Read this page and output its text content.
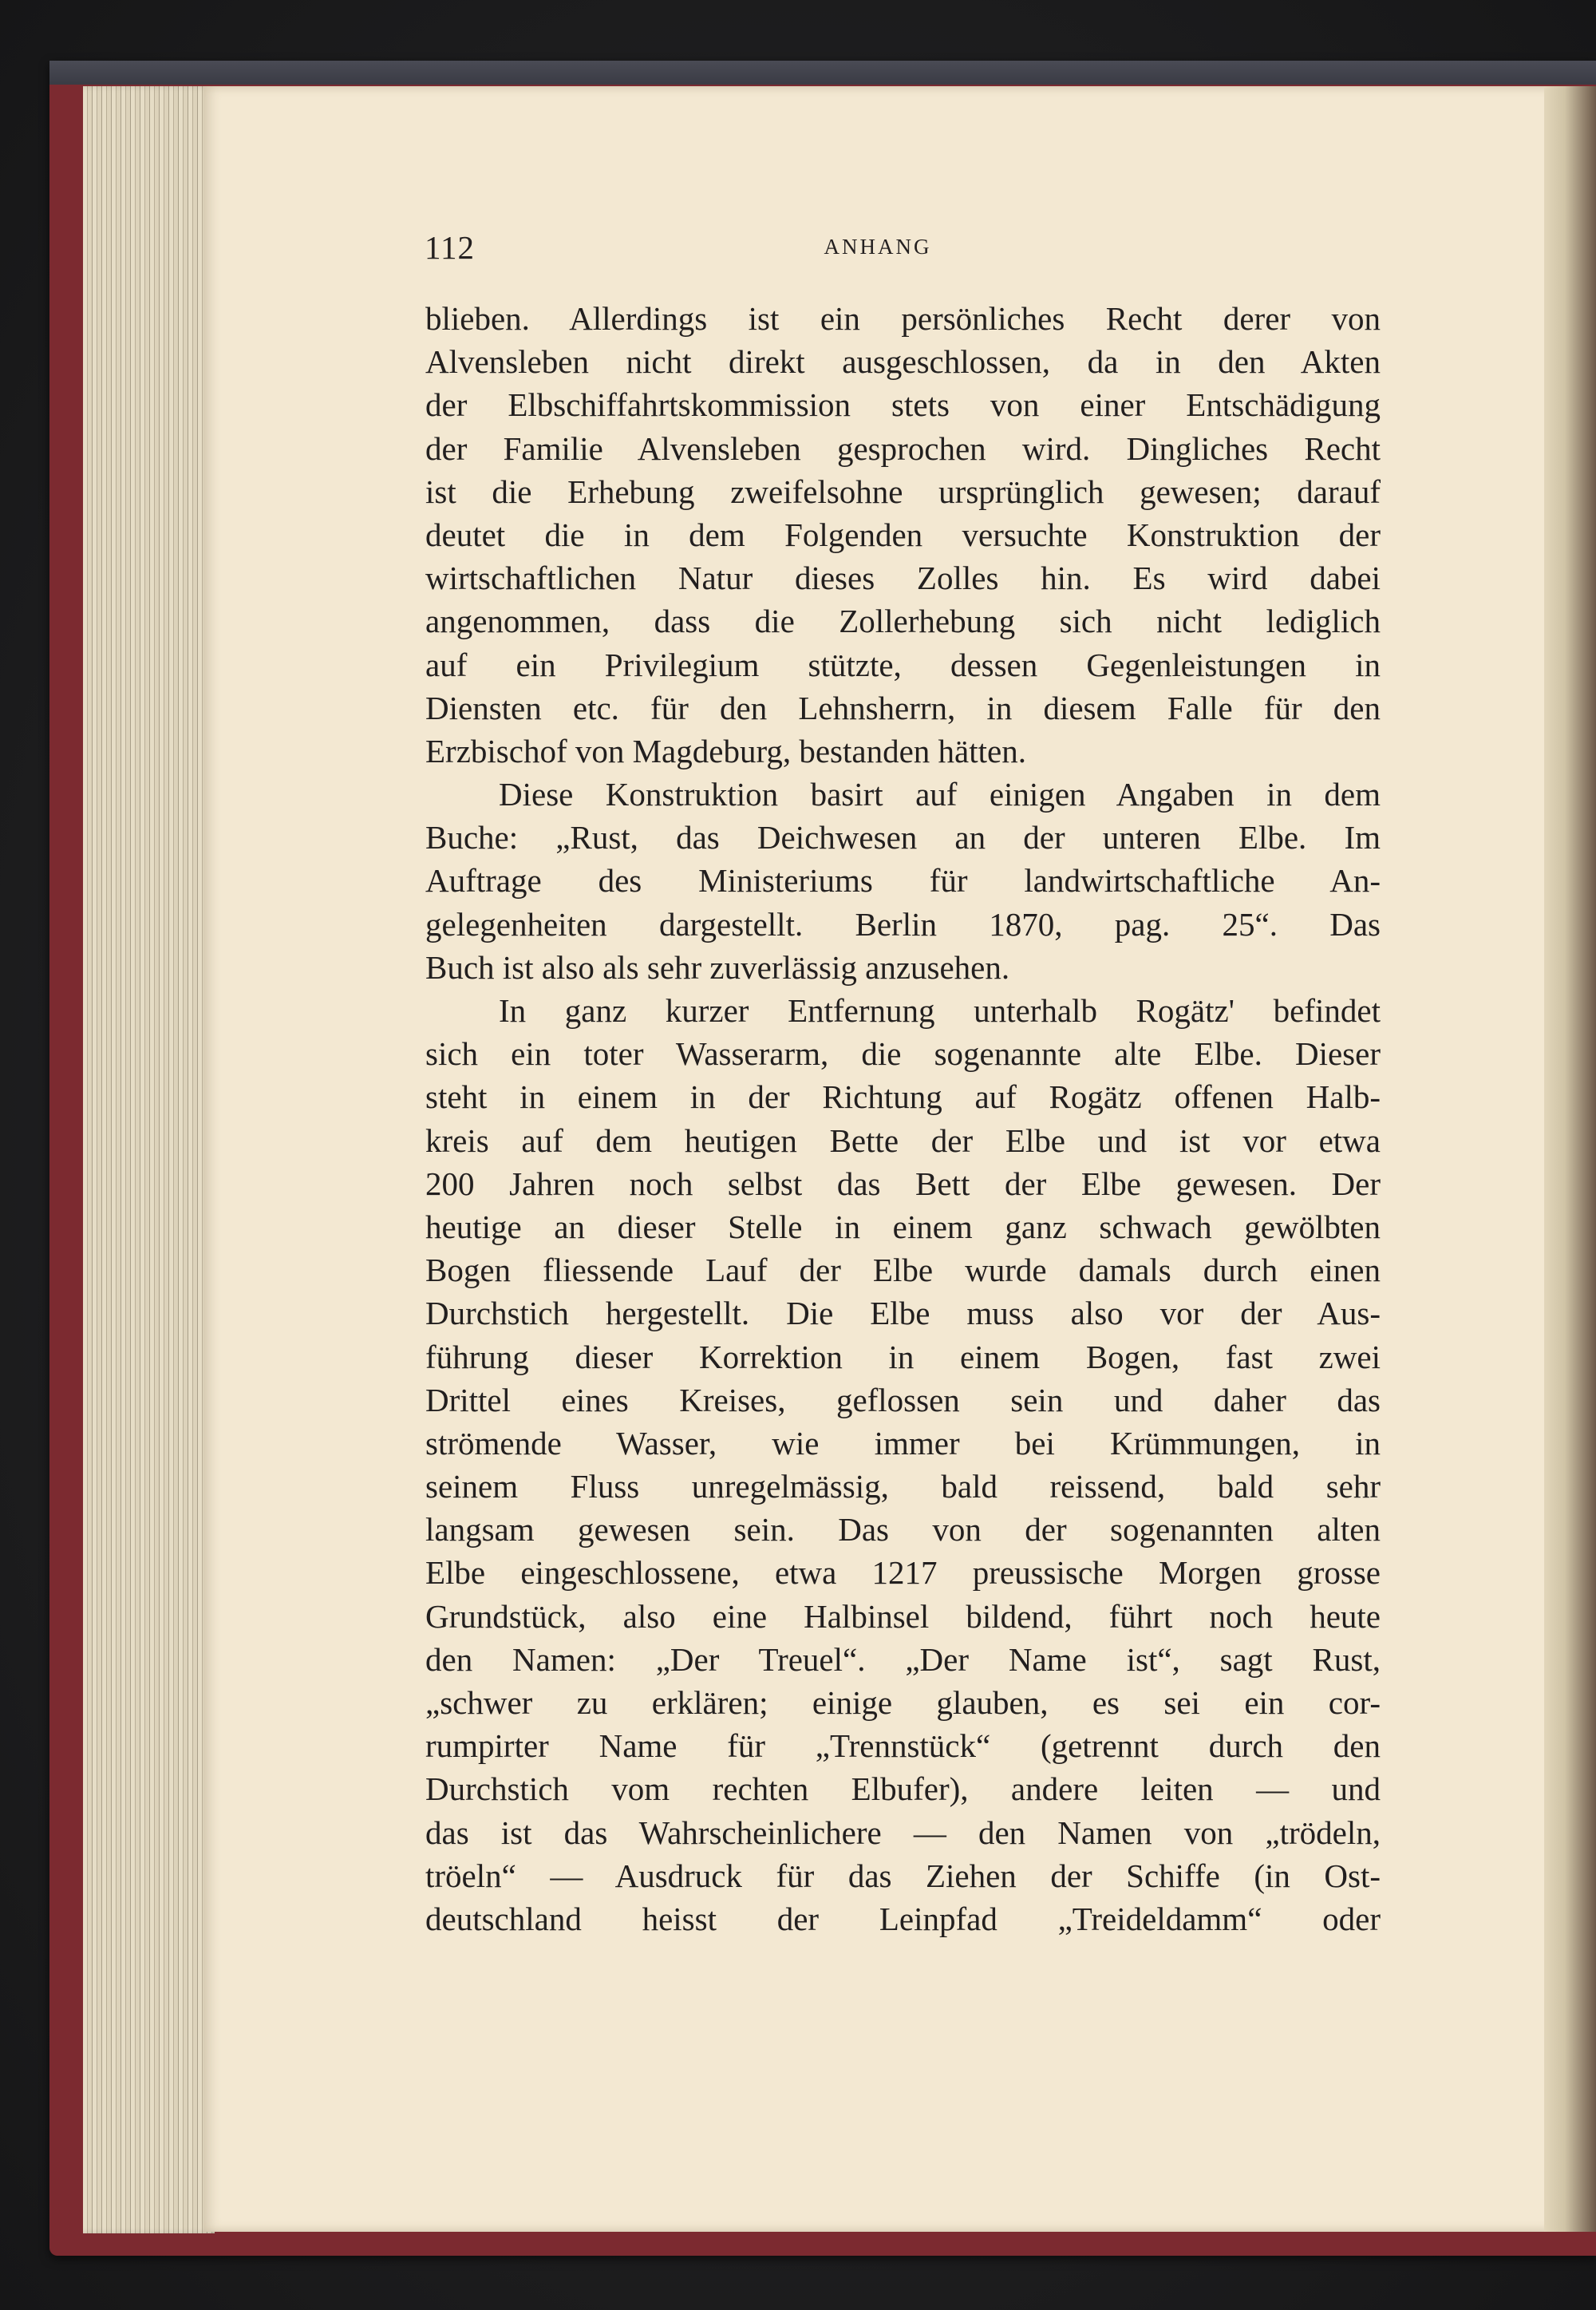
112	ANHANG
blieben. Allerdings ist ein persönliches Recht derer von
Alvensleben nicht direkt ausgeschlossen, da in den Akten
der Elbschiffahrtskommission stets von einer Entschädigung
der Familie Alvensleben gesprochen wird. Dingliches Recht
ist die Erhebung zweifelsohne ursprünglich gewesen; darauf
deutet die in dem Folgenden versuchte Konstruktion der
wirtschaftlichen Natur dieses Zolles hin. Es wird dabei
angenommen, dass die Zollerhebung sich nicht lediglich
auf ein Privilegium stützte, dessen Gegenleistungen in
Diensten etc. für den Lehnsherrn, in diesem Falle für den
Erzbischof von Magdeburg, bestanden hätten.
Diese Konstruktion basirt auf einigen Angaben in dem
Buche: „Rust, das Deichwesen an der unteren Elbe. Im
Auftrage des Ministeriums für landwirtschaftliche An-
gelegenheiten dargestellt. Berlin 1870, pag. 25“. Das
Buch ist also als sehr zuverlässig anzusehen.
In ganz kurzer Entfernung unterhalb Rogätz' befindet
sich ein toter Wasserarm, die sogenannte alte Elbe. Dieser
steht in einem in der Richtung auf Rogätz offenen Halb-
kreis auf dem heutigen Bette der Elbe und ist vor etwa
200 Jahren noch selbst das Bett der Elbe gewesen. Der
heutige an dieser Stelle in einem ganz schwach gewölbten
Bogen fliessende Lauf der Elbe wurde damals durch einen
Durchstich hergestellt. Die Elbe muss also vor der Aus-
führung dieser Korrektion in einem Bogen, fast zwei
Drittel eines Kreises, geflossen sein und daher das
strömende Wasser, wie immer bei Krümmungen, in
seinem Fluss unregelmässig, bald reissend, bald sehr
langsam gewesen sein. Das von der sogenannten alten
Elbe eingeschlossene, etwa 1217 preussische Morgen grosse
Grundstück, also eine Halbinsel bildend, führt noch heute
den Namen: „Der Treuel“. „Der Name ist“, sagt Rust,
„schwer zu erklären; einige glauben, es sei ein cor-
rumpirter Name für „Trennstück“ (getrennt durch den
Durchstich vom rechten Elbufer), andere leiten — und
das ist das Wahrscheinlichere — den Namen von „trödeln,
tröeln“ — Ausdruck für das Ziehen der Schiffe (in Ost-
deutschland heisst der Leinpfad „Treideldamm“ oder
